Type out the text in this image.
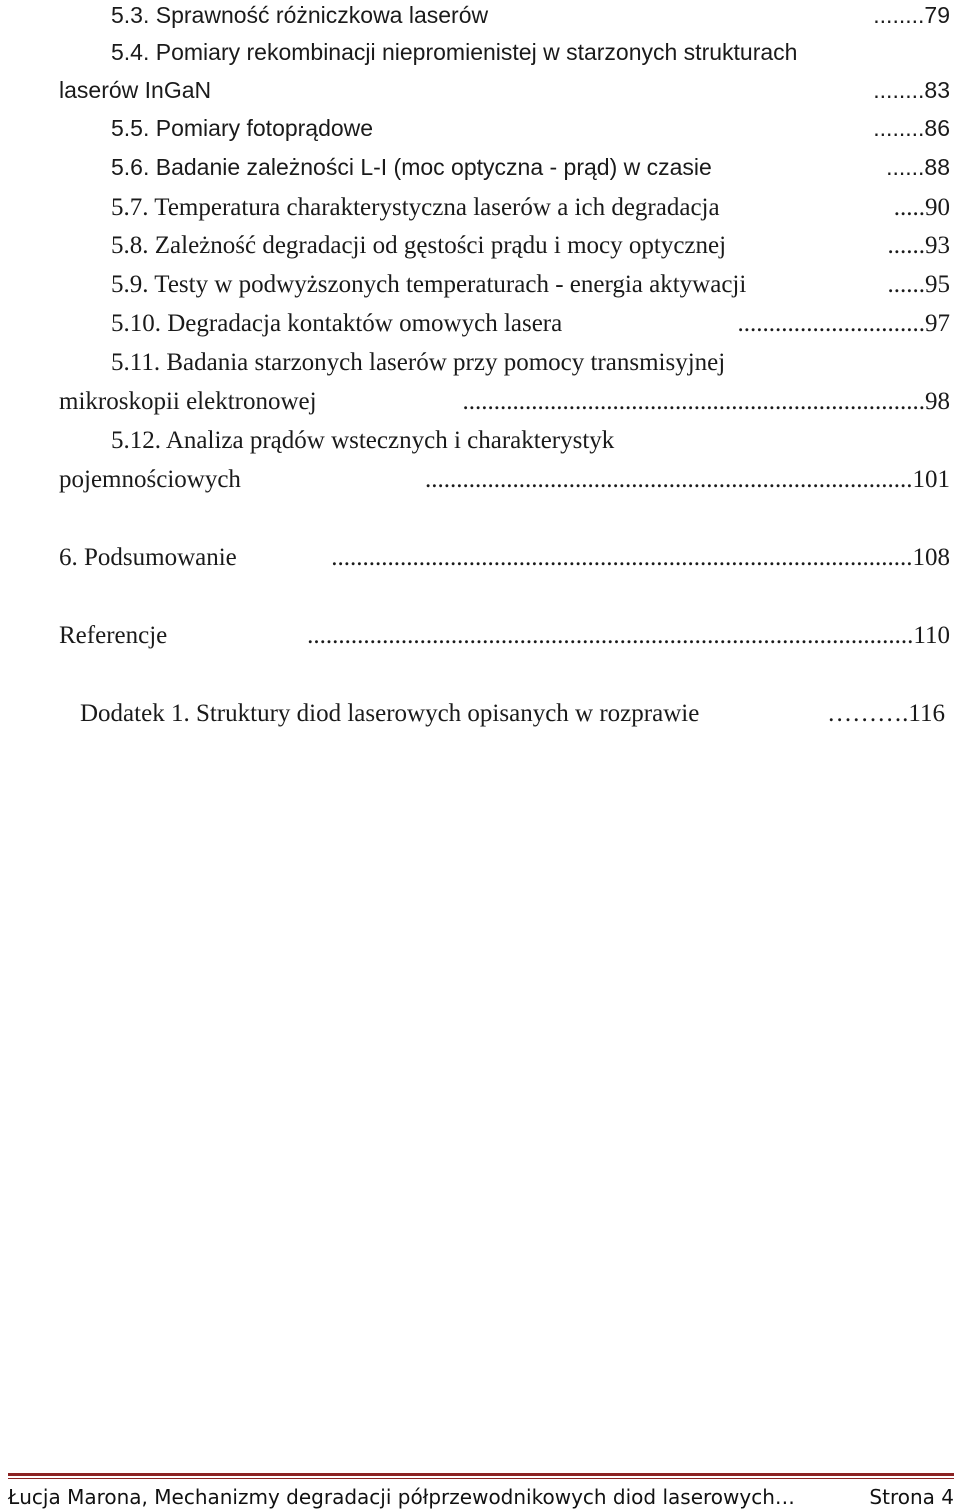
5.3. Sprawność różniczkowa laserów	........79
5.4. Pomiary rekombinacji niepromienistej w starzonych strukturach
laserów InGaN	........83
5.5. Pomiary fotoprądowe	........86
5.6. Badanie zależności L-I (moc optyczna - prąd) w czasie	......88
5.7. Temperatura charakterystyczna laserów a ich degradacja	.....90
5.8. Zależność degradacji od gęstości prądu i mocy optycznej	......93
5.9. Testy w podwyższonych temperaturach - energia aktywacji	......95
5.10. Degradacja kontaktów omowych lasera	..............................97
5.11. Badania starzonych laserów przy pomocy transmisyjnej
mikroskopii elektronowej	..........................................................................98
5.12. Analiza prądów wstecznych i charakterystyk
pojemnościowych	..............................................................................101
6. Podsumowanie	.............................................................................................108
Referencje	.................................................................................................110
Dodatek 1. Struktury diod laserowych opisanych w rozprawie	……….116
Łucja Marona, Mechanizmy degradacji półprzewodnikowych diod laserowych…	Strona 4
